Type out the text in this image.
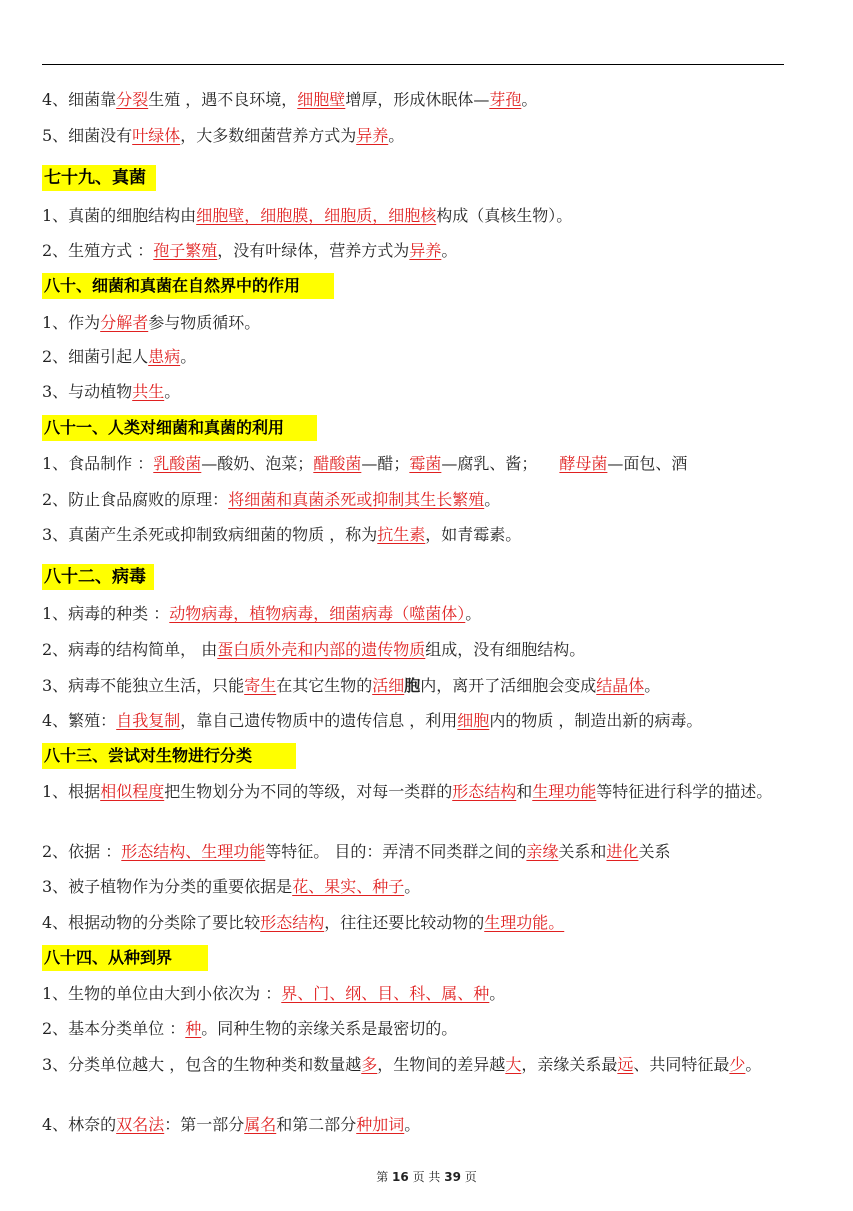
4、细菌靠分裂生殖 ，遇不良环境，细胞壁增厚，形成休眠体—芽孢。
5、细菌没有叶绿体，大多数细菌营养方式为异养。
七十九、真菌
1、真菌的细胞结构由细胞壁，细胞膜，细胞质，细胞核构成（真核生物）。
2、生殖方式 ：孢子繁殖，没有叶绿体，营养方式为异养。
八十、细菌和真菌在自然界中的作用
1、作为分解者参与物质循环。
2、细菌引起人患病。
3、与动植物共生。
八十一、人类对细菌和真菌的利用
1、食品制作 ：乳酸菌—酸奶、泡菜；醋酸菌—醋；霉菌—腐乳、酱； 酵母菌—面包、酒
2、防止食品腐败的原理：将细菌和真菌杀死或抑制其生长繁殖。
3、真菌产生杀死或抑制致病细菌的物质 ，称为抗生素，如青霉素。
八十二、病毒
1、病毒的种类 ：动物病毒，植物病毒，细菌病毒（噬菌体）。
2、病毒的结构简单， 由蛋白质外壳和内部的遗传物质组成，没有细胞结构。
3、病毒不能独立生活，只能寄生在其它生物的活细胞内，离开了活细胞会变成结晶体。
4、繁殖：自我复制，靠自己遗传物质中的遗传信息 ，利用细胞内的物质 ，制造出新的病毒。
八十三、尝试对生物进行分类
1、根据相似程度把生物划分为不同的等级，对每一类群的形态结构和生理功能等特征进行科学的描述。
2、依据 ：形态结构、生理功能等特征。 目的：弄清不同类群之间的亲缘关系和进化关系
3、被子植物作为分类的重要依据是花、果实、种子。
4、根据动物的分类除了要比较形态结构，往往还要比较动物的生理功能。
八十四、从种到界
1、生物的单位由大到小依次为 ：界、门、纲、目、科、属、种。
2、基本分类单位 ：种。同种生物的亲缘关系是最密切的。
3、分类单位越大 ，包含的生物种类和数量越多，生物间的差异越大，亲缘关系最远、共同特征最少。
4、林奈的双名法：第一部分属名和第二部分种加词。
第 16 页 共 39 页
